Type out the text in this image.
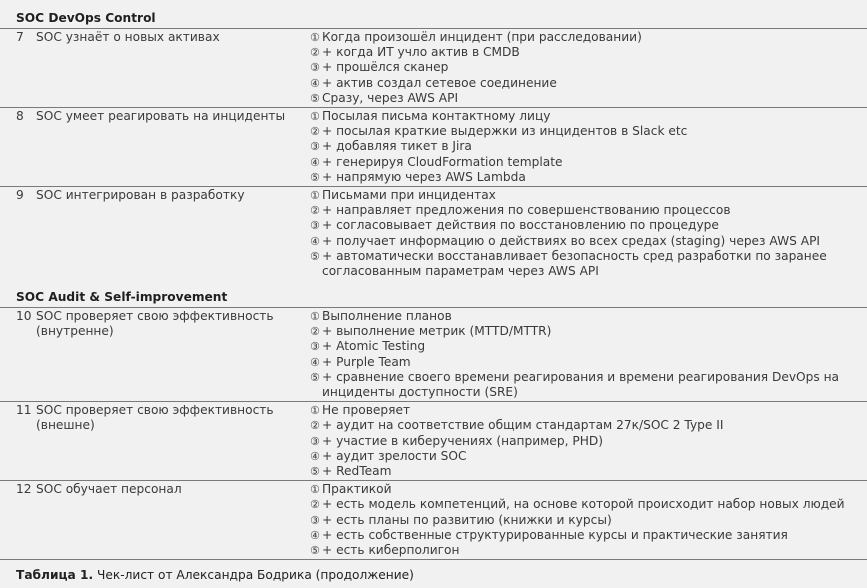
SOC DevOps Control
7	SOC узнаёт о новых активах	① Когда произошёл инцидент (при расследовании)
② + когда ИТ учло актив в CMDB
③ + прошёлся сканер
④ + актив создал сетевое соединение
⑤ Сразу, через AWS API
8	SOC умеет реагировать на инциденты	① Посылая письма контактному лицу
② + посылая краткие выдержки из инцидентов в Slack etc
③ + добавляя тикет в Jira
④ + генерируя CloudFormation template
⑤ + напрямую через AWS Lambda
9	SOC интегрирован в разработку	① Письмами при инцидентах
② + направляет предложения по совершенствованию процессов
③ + согласовывает действия по восстановлению по процедуре
④ + получает информацию о действиях во всех средах (staging) через AWS API
⑤ + автоматически восстанавливает безопасность сред разработки по заранее согласованным параметрам через AWS API
SOC Audit & Self-improvement
10 SOC проверяет свою эффективность (внутренне)
① Выполнение планов
② + выполнение метрик (MTTD/MTTR)
③ + Atomic Testing
④ + Purple Team
⑤ + сравнение своего времени реагирования и времени реагирования DevOps на инциденты доступности (SRE)
11 SOC проверяет свою эффективность (внешне)
① Не проверяет
② + аудит на соответствие общим стандартам 27к/SOC 2 Type II
③ + участие в киберучениях (например, PHD)
④ + аудит зрелости SOC
⑤ + RedTeam
12 SOC обучает персонал	① Практикой
② + есть модель компетенций, на основе которой происходит набор новых людей
③ + есть планы по развитию (книжки и курсы)
④ + есть собственные структурированные курсы и практические занятия
⑤ + есть киберполигон
Таблица 1. Чек-лист от Александра Бодрика (продолжение)
